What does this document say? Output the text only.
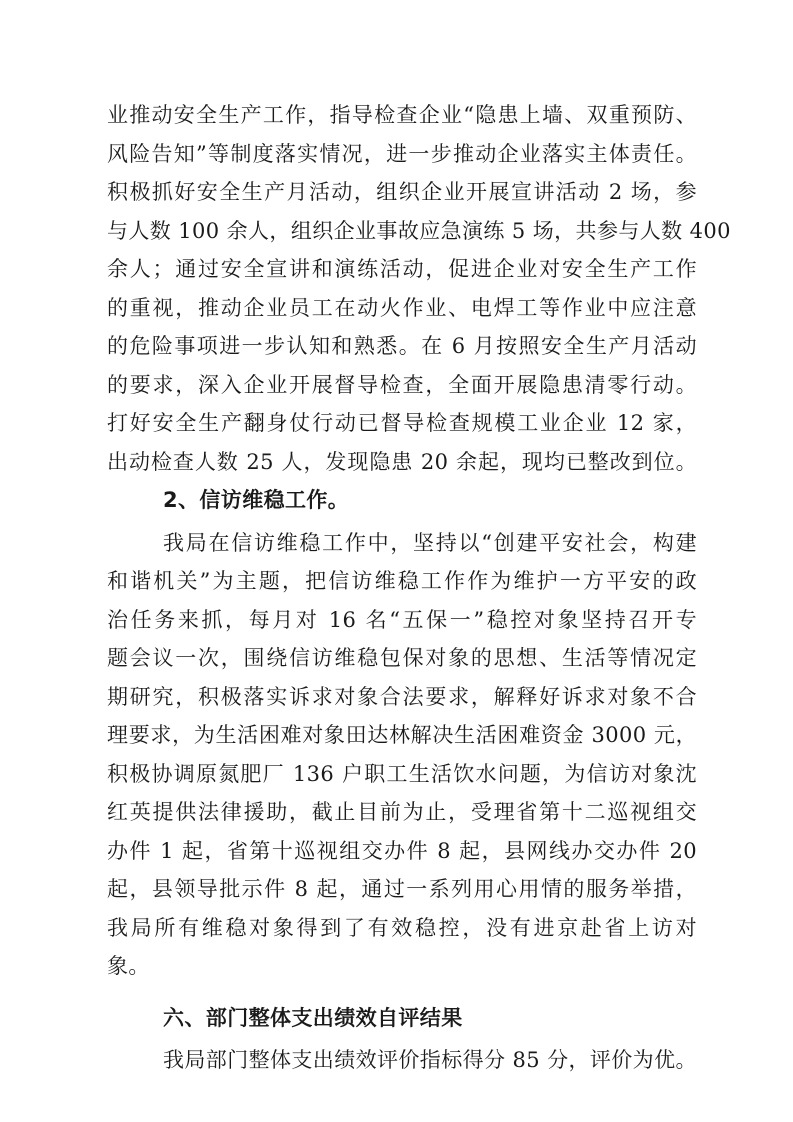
业推动安全生产工作，指导检查企业“隐患上墙、双重预防、
风险告知”等制度落实情况，进一步推动企业落实主体责任。
积极抓好安全生产月活动，组织企业开展宣讲活动 2 场，参
与人数 100 余人，组织企业事故应急演练 5 场，共参与人数 400
余人；通过安全宣讲和演练活动，促进企业对安全生产工作
的重视，推动企业员工在动火作业、电焊工等作业中应注意
的危险事项进一步认知和熟悉。在 6 月按照安全生产月活动
的要求，深入企业开展督导检查，全面开展隐患清零行动。
打好安全生产翻身仗行动已督导检查规模工业企业 12 家，
出动检查人数 25 人，发现隐患 20 余起，现均已整改到位。
2、信访维稳工作。
我局在信访维稳工作中，坚持以“创建平安社会，构建
和谐机关”为主题，把信访维稳工作作为维护一方平安的政
治任务来抓，每月对 16 名“五保一”稳控对象坚持召开专
题会议一次，围绕信访维稳包保对象的思想、生活等情况定
期研究，积极落实诉求对象合法要求，解释好诉求对象不合
理要求，为生活困难对象田达林解决生活困难资金 3000 元，
积极协调原氮肥厂 136 户职工生活饮水问题，为信访对象沈
红英提供法律援助，截止目前为止，受理省第十二巡视组交
办件 1 起，省第十巡视组交办件 8 起，县网线办交办件 20
起，县领导批示件 8 起，通过一系列用心用情的服务举措，
我局所有维稳对象得到了有效稳控，没有进京赴省上访对
象。
六、部门整体支出绩效自评结果
我局部门整体支出绩效评价指标得分 85 分，评价为优。
